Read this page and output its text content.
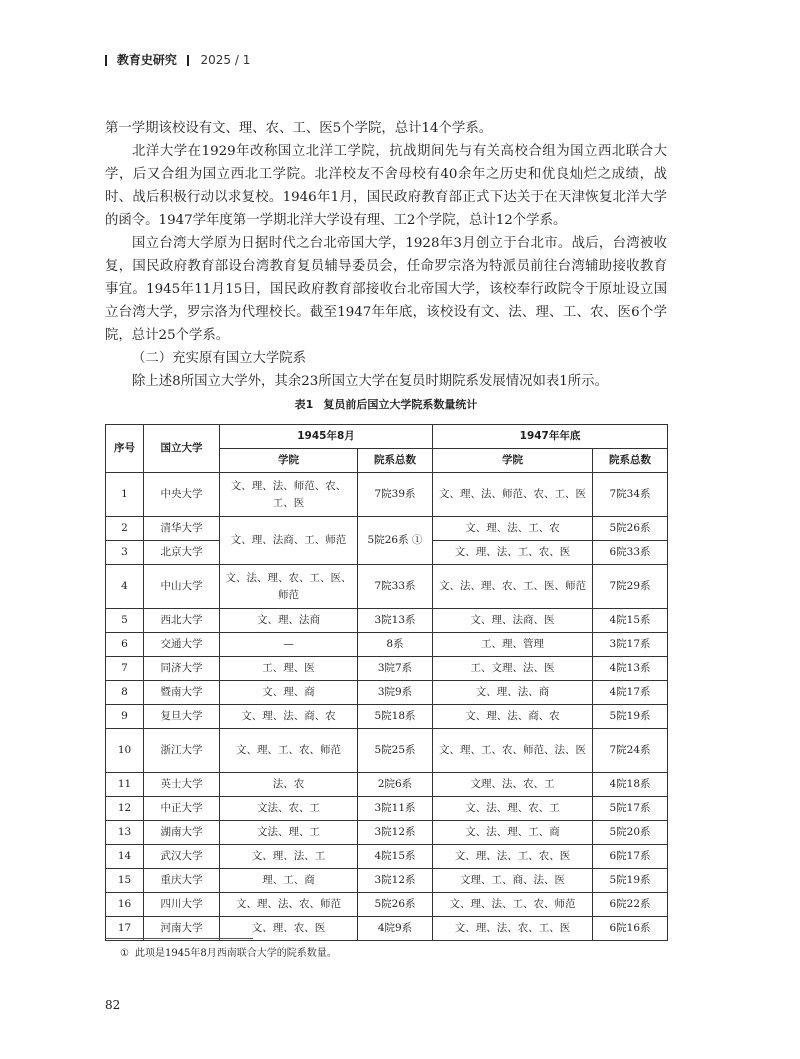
教育史研究 2025 / 1

第一学期该校设有文、理、农、工、医5个学院，总计14个学系。

北洋大学在1929年改称国立北洋工学院，抗战期间先与有关高校合组为国立西北联合大学，后又合组为国立西北工学院。北洋校友不舍母校有40余年之历史和优良灿烂之成绩，战时、战后积极行动以求复校。1946年1月，国民政府教育部正式下达关于在天津恢复北洋大学的函令。1947学年度第一学期北洋大学设有理、工2个学院，总计12个学系。

国立台湾大学原为日据时代之台北帝国大学，1928年3月创立于台北市。战后，台湾被收复，国民政府教育部设台湾教育复员辅导委员会，任命罗宗洛为特派员前往台湾辅助接收教育事宜。1945年11月15日，国民政府教育部接收台北帝国大学，该校奉行政院令于原址设立国立台湾大学，罗宗洛为代理校长。截至1947年年底，该校设有文、法、理、工、农、医6个学院，总计25个学系。

（二）充实原有国立大学院系

除上述8所国立大学外，其余23所国立大学在复员时期院系发展情况如表1所示。

表1 复员前后国立大学院系数量统计
序号	国立大学	1945年8月		1947年年底	
		学院	院系总数	学院	院系总数
1	中央大学	文、理、法、师范、农、工、医	7院39系	文、理、法、师范、农、工、医	7院34系
2	清华大学	文、理、法商、工、师范	5院26系 ①	文、理、法、工、农	5院26系
3	北京大学			文、理、法、工、农、医	6院33系
4	中山大学	文、法、理、农、工、医、师范	7院33系	文、法、理、农、工、医、师范	7院29系
5	西北大学	文、理、法商	3院13系	文、理、法商、医	4院15系
6	交通大学	—	8系	工、理、管理	3院17系
7	同济大学	工、理、医	3院7系	工、文理、法、医	4院13系
8	暨南大学	文、理、商	3院9系	文、理、法、商	4院17系
9	复旦大学	文、理、法、商、农	5院18系	文、理、法、商、农	5院19系
10	浙江大学	文、理、工、农、师范	5院25系	文、理、工、农、师范、法、医	7院24系
11	英士大学	法、农	2院6系	文理、法、农、工	4院18系
12	中正大学	文法、农、工	3院11系	文、法、理、农、工	5院17系
13	湖南大学	文法、理、工	3院12系	文、法、理、工、商	5院20系
14	武汉大学	文、理、法、工	4院15系	文、理、法、工、农、医	6院17系
15	重庆大学	理、工、商	3院12系	文理、工、商、法、医	5院19系
16	四川大学	文、理、法、农、师范	5院26系	文、理、法、工、农、师范	6院22系
17	河南大学	文、理、农、医	4院9系	文、理、法、农、工、医	6院16系
① 此项是1945年8月西南联合大学的院系数量。
82
